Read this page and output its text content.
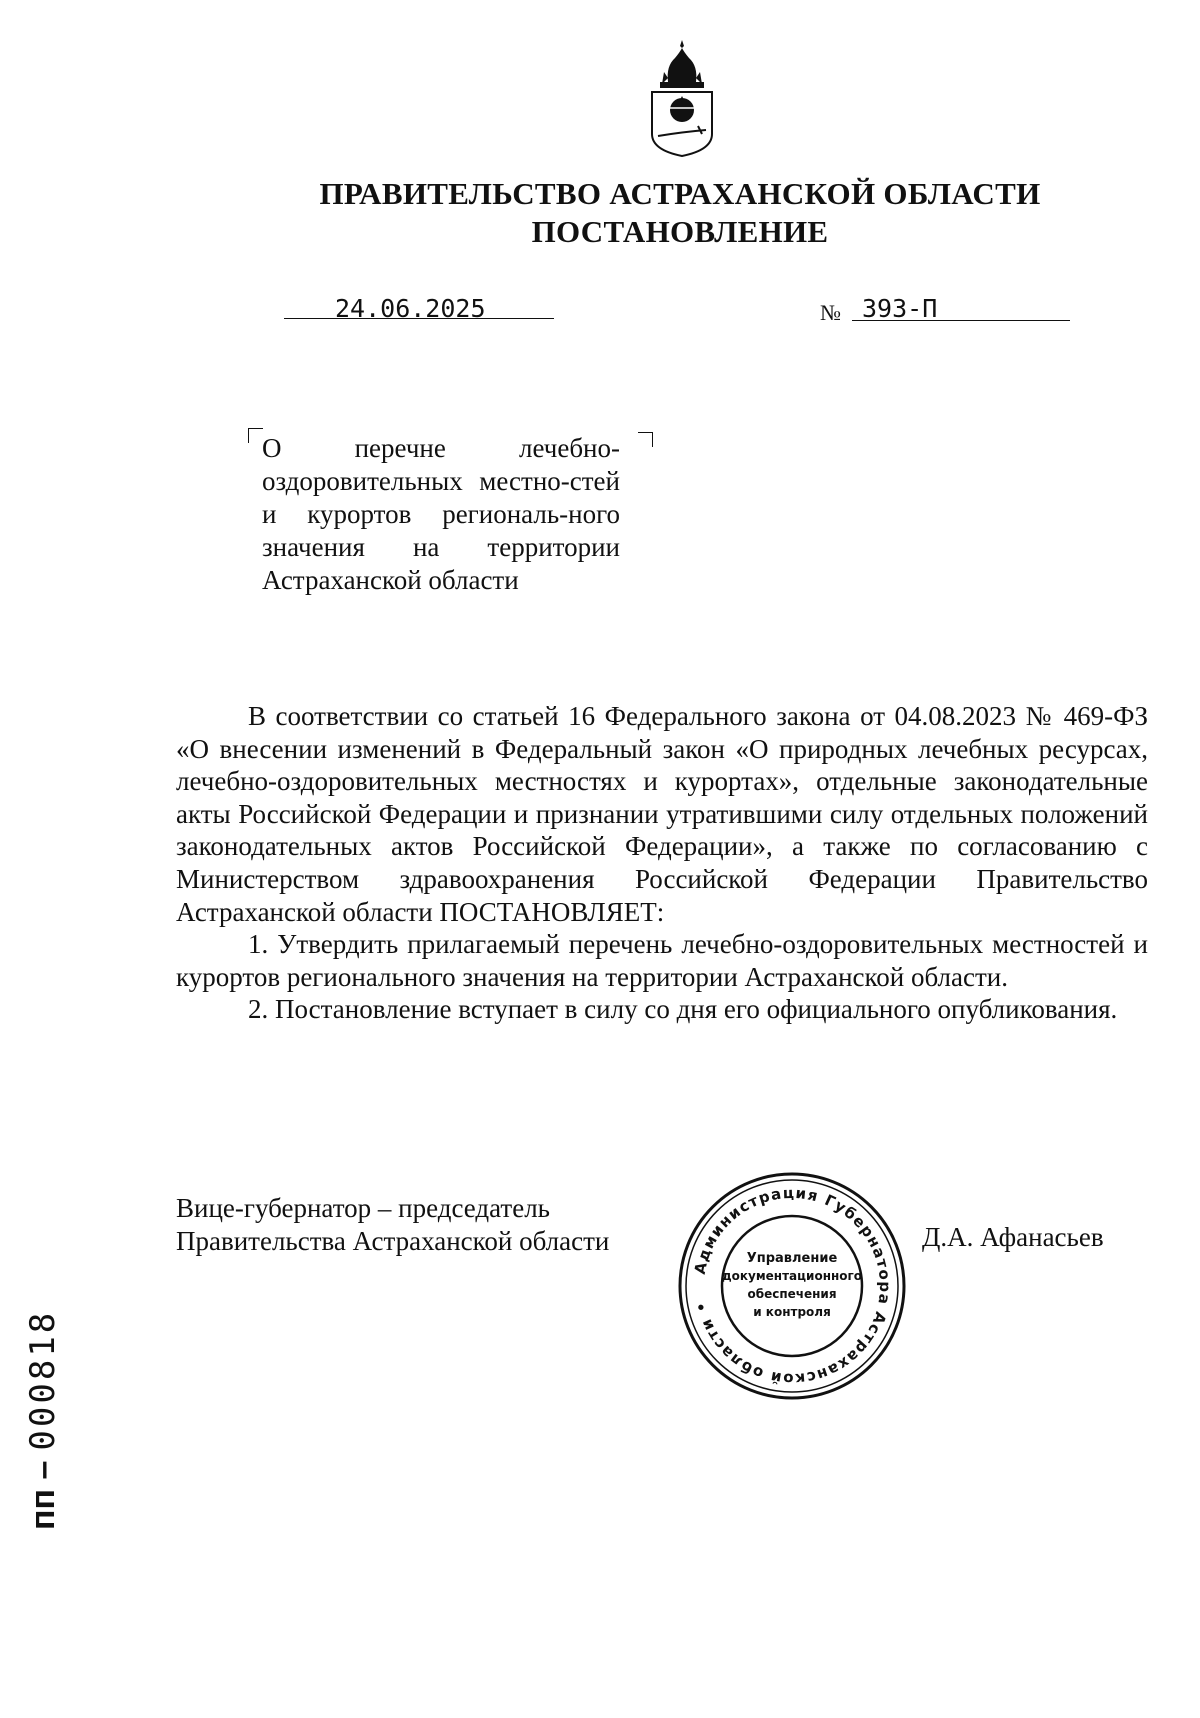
ПРАВИТЕЛЬСТВО АСТРАХАНСКОЙ ОБЛАСТИ
ПОСТАНОВЛЕНИЕ
24.06.2025	№ 393-П
О перечне лечебно-оздоровительных местно-стей и курортов региональ-ного значения на территории Астраханской области

В соответствии со статьей 16 Федерального закона от 04.08.2023 № 469-ФЗ «О внесении изменений в Федеральный закон «О природных лечебных ресурсах, лечебно-оздоровительных местностях и курортах», отдельные законодательные акты Российской Федерации и признании утратившими силу отдельных положений законодательных актов Российской Федерации», а также по согласованию с Министерством здравоохранения Российской Федерации Правительство Астраханской области ПОСТАНОВЛЯЕТ:

1. Утвердить прилагаемый перечень лечебно-оздоровительных местностей и курортов регионального значения на территории Астраханской области.

2. Постановление вступает в силу со дня его официального опубликования.

Вице-губернатор – председатель
Правительства Астраханской области
Администрация Губернатора Астраханской области •
Управление
документационного
обеспечения
и контроля
Д.А. Афанасьев
пп –
000818
